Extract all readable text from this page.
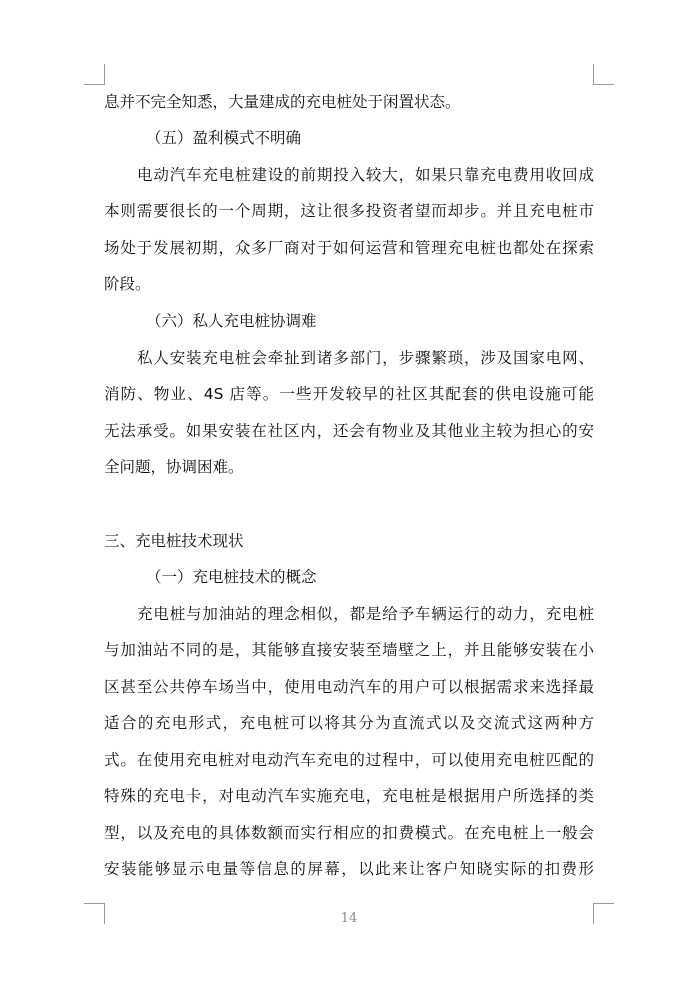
息并不完全知悉，大量建成的充电桩处于闲置状态。
（五）盈利模式不明确
电动汽车充电桩建设的前期投入较大，如果只靠充电费用收回成
本则需要很长的一个周期，这让很多投资者望而却步。并且充电桩市
场处于发展初期，众多厂商对于如何运营和管理充电桩也都处在探索
阶段。
（六）私人充电桩协调难
私人安装充电桩会牵扯到诸多部门，步骤繁琐，涉及国家电网、
消防、物业、4S 店等。一些开发较早的社区其配套的供电设施可能
无法承受。如果安装在社区内，还会有物业及其他业主较为担心的安
全问题，协调困难。
三、充电桩技术现状
（一）充电桩技术的概念
充电桩与加油站的理念相似，都是给予车辆运行的动力，充电桩
与加油站不同的是，其能够直接安装至墙壁之上，并且能够安装在小
区甚至公共停车场当中，使用电动汽车的用户可以根据需求来选择最
适合的充电形式，充电桩可以将其分为直流式以及交流式这两种方
式。在使用充电桩对电动汽车充电的过程中，可以使用充电桩匹配的
特殊的充电卡，对电动汽车实施充电，充电桩是根据用户所选择的类
型，以及充电的具体数额而实行相应的扣费模式。在充电桩上一般会
安装能够显示电量等信息的屏幕，以此来让客户知晓实际的扣费形
14
